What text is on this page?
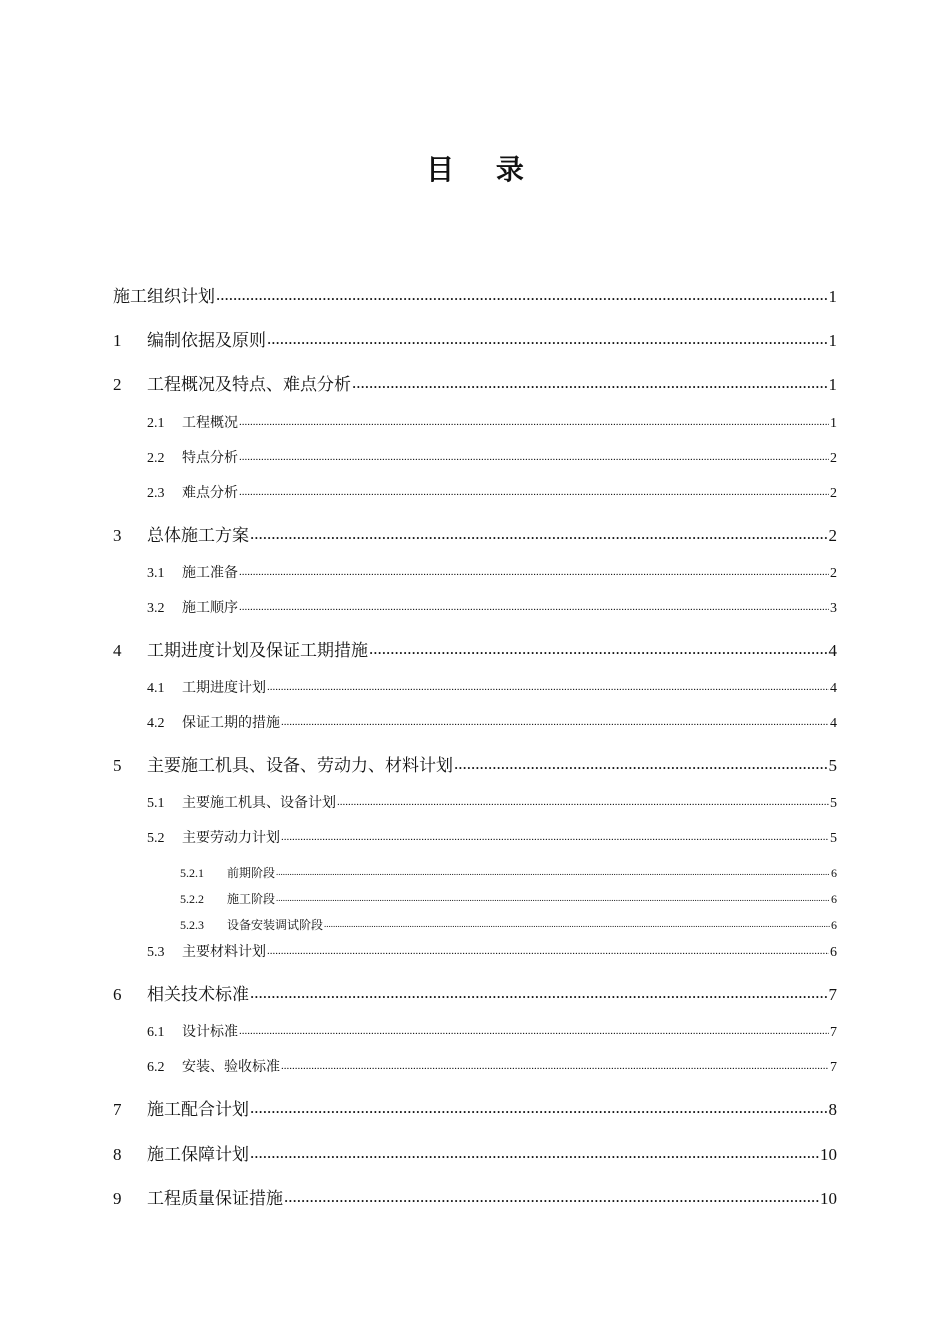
目 录
施工组织计划 .....	1
1	编制依据及原则 .....	1
2	工程概况及特点、难点分析 .....	1
2.1	工程概况 .....	1
2.2	特点分析 .....	2
2.3	难点分析 .....	2
3	总体施工方案 .....	2
3.1	施工准备 .....	2
3.2	施工顺序 .....	3
4	工期进度计划及保证工期措施 .....	4
4.1	工期进度计划 .....	4
4.2	保证工期的措施 .....	4
5	主要施工机具、设备、劳动力、材料计划 .....	5
5.1	主要施工机具、设备计划 .....	5
5.2	主要劳动力计划 .....	5
5.2.1	前期阶段 .....	6
5.2.2	施工阶段 .....	6
5.2.3	设备安装调试阶段 .....	6
5.3	主要材料计划 .....	6
6	相关技术标准 .....	7
6.1	设计标准 .....	7
6.2	安装、验收标准 .....	7
7	施工配合计划 .....	8
8	施工保障计划 .....	10
9	工程质量保证措施 .....	10
